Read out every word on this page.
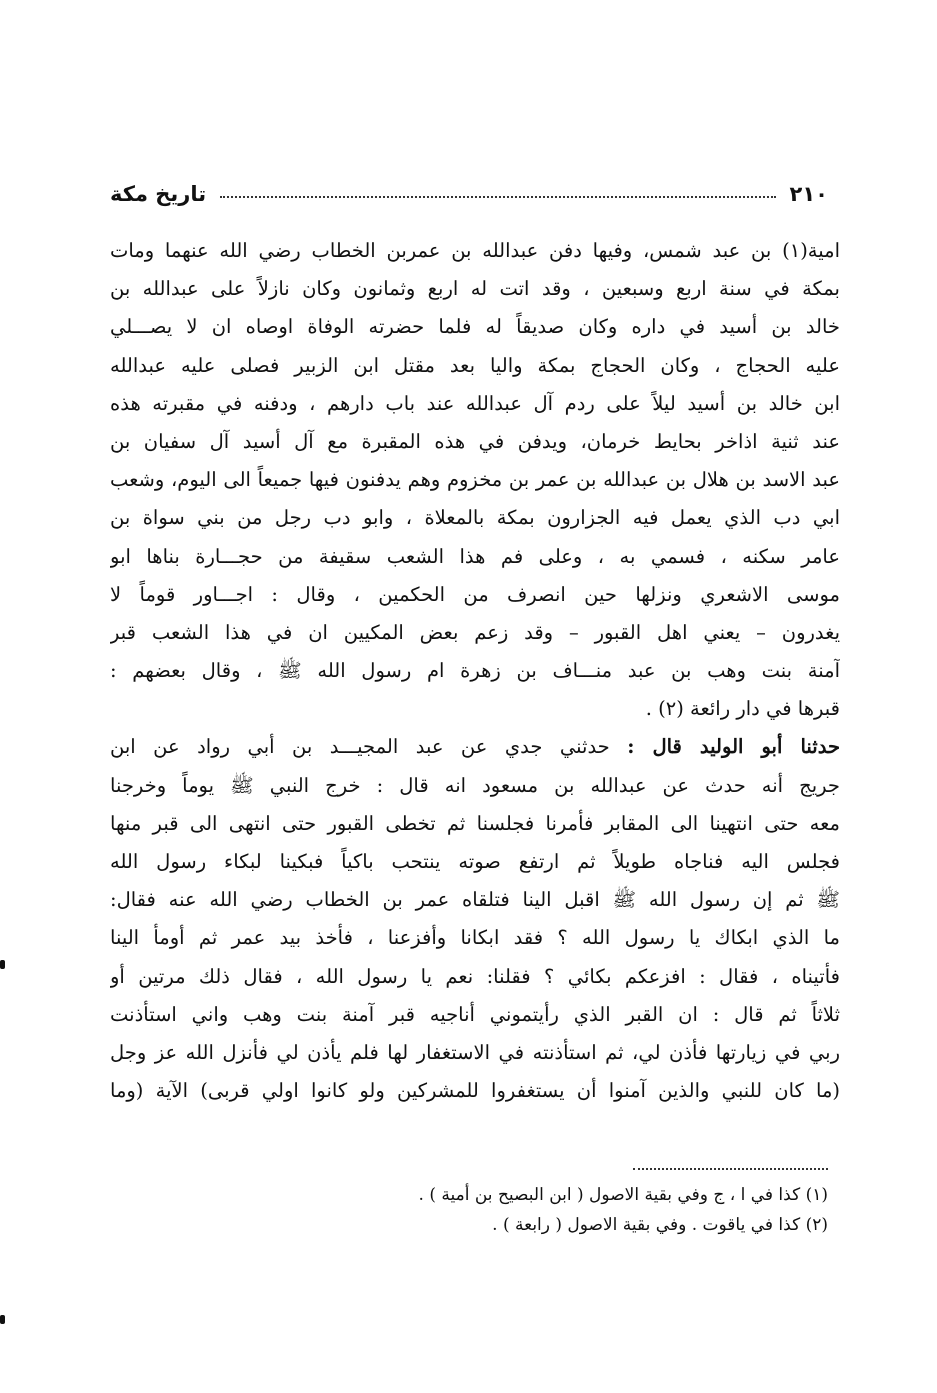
٢١٠
تاريخ مكة
امية(١) بن عبد شمس، وفيها دفن عبدالله بن عمربن الخطاب رضي الله عنهما ومات
بمكة في سنة اربع وسبعين ، وقد اتت له اربع وثمانون وكان نازلاً على عبدالله بن
خالد بن أسيد في داره وكان صديقاً له فلما حضرته الوفاة اوصاه ان لا يصـــلي
عليه الحجاج ، وكان الحجاج بمكة واليا بعد مقتل ابن الزبير فصلى عليه عبدالله
ابن خالد بن أسيد ليلاً على ردم آل عبدالله عند باب دارهم ، ودفنه في مقبرته هذه
عند ثنية اذاخر بحايط خرمان، ويدفن في هذه المقبرة مع آل أسيد آل سفيان بن
عبد الاسد بن هلال بن عبدالله بن عمر بن مخزوم وهم يدفنون فيها جميعاً الى اليوم، وشعب
ابي دب الذي يعمل فيه الجزارون بمكة بالمعلاة ، وابو دب رجل من بني سواة بن
عامر سكنه ، فسمي به ، وعلى فم هذا الشعب سقيفة من حجـــارة بناها ابو
موسى الاشعري ونزلها حين انصرف من الحكمين ، وقال : اجـــاور قوماً لا
يغدرون – يعني اهل القبور – وقد زعم بعض المكيين ان في هذا الشعب قبر
آمنة بنت وهب بن عبد منـــاف بن زهرة ام رسول الله ﷺ ، وقال بعضهم :
قبرها في دار رائعة (٢) .
حدثنا أبو الوليد قال : حدثني جدي عن عبد المجيـــد بن أبي رواد عن ابن
جريج أنه حدث عن عبدالله بن مسعود انه قال : خرج النبي ﷺ يوماً وخرجنا
معه حتى انتهينا الى المقابر فأمرنا فجلسنا ثم تخطى القبور حتى انتهى الى قبر منها
فجلس اليه فناجاه طويلاً ثم ارتفع صوته ينتحب باكياً فبكينا لبكاء رسول الله
ﷺ ثم إن رسول الله ﷺ اقبل الينا فتلقاه عمر بن الخطاب رضي الله عنه فقال:
ما الذي ابكاك يا رسول الله ؟ فقد ابكانا وأفزعنا ، فأخذ بيد عمر ثم أومأ الينا
فأتيناه ، فقال : افزعكم بكائي ؟ فقلنا: نعم يا رسول الله ، فقال ذلك مرتين أو
ثلاثاً ثم قال : ان القبر الذي رأيتموني أناجيه قبر آمنة بنت وهب واني استأذنت
ربي في زيارتها فأذن لي، ثم استأذنته في الاستغفار لها فلم يأذن لي فأنزل الله عز وجل
(ما كان للنبي والذين آمنوا أن يستغفروا للمشركين ولو كانوا اولي قربى) الآية (وما
(١) كذا في ا ، ج وفي بقية الاصول ( ابن البصيح بن أمية ) .
(٢) كذا في ياقوت . وفي بقية الاصول ( رابعة ) .
